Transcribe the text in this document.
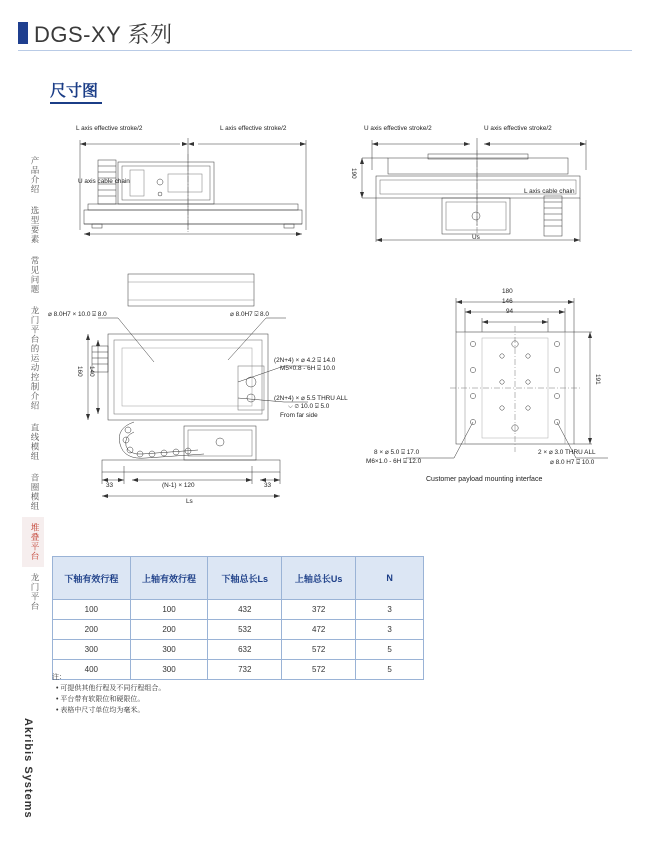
DGS-XY 系列
尺寸图
产品介绍
选型要素
常见问题
龙门平台的运动控制介绍
直线模组
音圈模组
堆叠平台
龙门平台
Akribis Systems
L axis effective stroke/2	L axis effective stroke/2
U axis cable chain
U axis effective stroke/2	U axis effective stroke/2
L axis cable chain
190
Us
160 140
33	(N-1) × 120	33
Ls
⌀ 8.0H7 × 10.0 ⍌ 8.0	⌀ 8.0H7 ⍌ 8.0
(2N+4) × ⌀ 4.2 ⍌ 14.0
M5×0.8 - 6H ⍌ 10.0
(2N+4) × ⌀ 5.5 THRU ALL
⌵ ⌀ 10.0 ⍌ 5.0
From far side
180
146
94
191
8 × ⌀ 5.0 ⍌ 17.0
M6×1.0 - 6H ⍌ 12.0
2 × ⌀ 3.0 THRU ALL
⌀ 8.0 H7 ⍌ 10.0
Customer payload mounting interface
下轴有效行程	上轴有效行程	下轴总长Ls	上轴总长Us	N
100	100	432	372	3
200	200	532	472	3
300	300	632	572	5
400	300	732	572	5
注：
• 可提供其他行程及不同行程组合。
• 平台带有软限位和硬限位。
• 表格中尺寸单位均为毫米。
